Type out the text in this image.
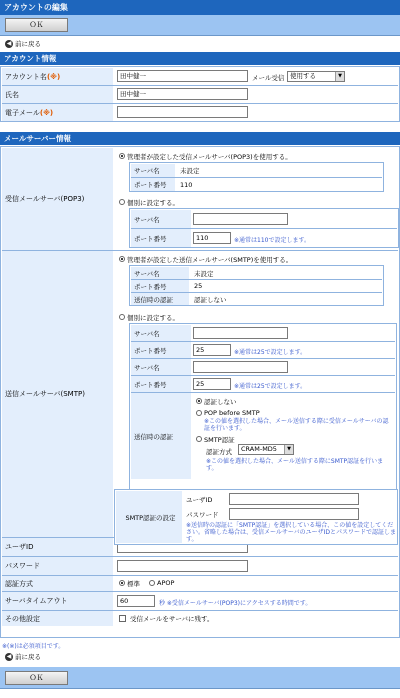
アカウントの編集
ＯＫ
◀ 前に戻る
アカウント情報
アカウント名 (※)	田中健一	メール受信 使用する	▼
氏名	田中健一
電子メール (※)
メールサーバー情報
受信メールサーバ(POP3)
管理者が設定した受信メールサーバ(POP3)を使用する。
サーバ名	未設定
ポート番号	110
個別に設定する。
サーバ名
ポート番号	110	※通常は110で設定します。
送信メールサーバ(SMTP)
管理者が設定した送信メールサーバ(SMTP)を使用する。
サーバ名	未設定
ポート番号	25
送信時の認証	認証しない
個別に設定する。
サーバ名
ポート番号	25	※通常は25で設定します。
サーバ名
ポート番号	25	※通常は25で設定します。
送信時の認証
認証しない
POP before SMTP
※この値を選択した場合、メール送信する際に受信メールサーバの認証を行います。
SMTP認証
認証方式	CRAM-MD5	▼
※この値を選択した場合、メール送信する際にSMTP認証を行います。
ユーザID
パスワード
認証方式	標準	APOP
サーバタイムアウト	60	秒 ※受信メールサーバ(POP3)にアクセスする時間です。
その他設定	受信メールをサーバに残す。
SMTP認証の設定
ユーザID
パスワード
※送信時の認証に「SMTP認証」を選択している場合、この値を設定してください。省略した場合は、受信メールサーバのユーザIDとパスワードで認証します。
※(※)は必須項目です。
◀ 前に戻る
ＯＫ
